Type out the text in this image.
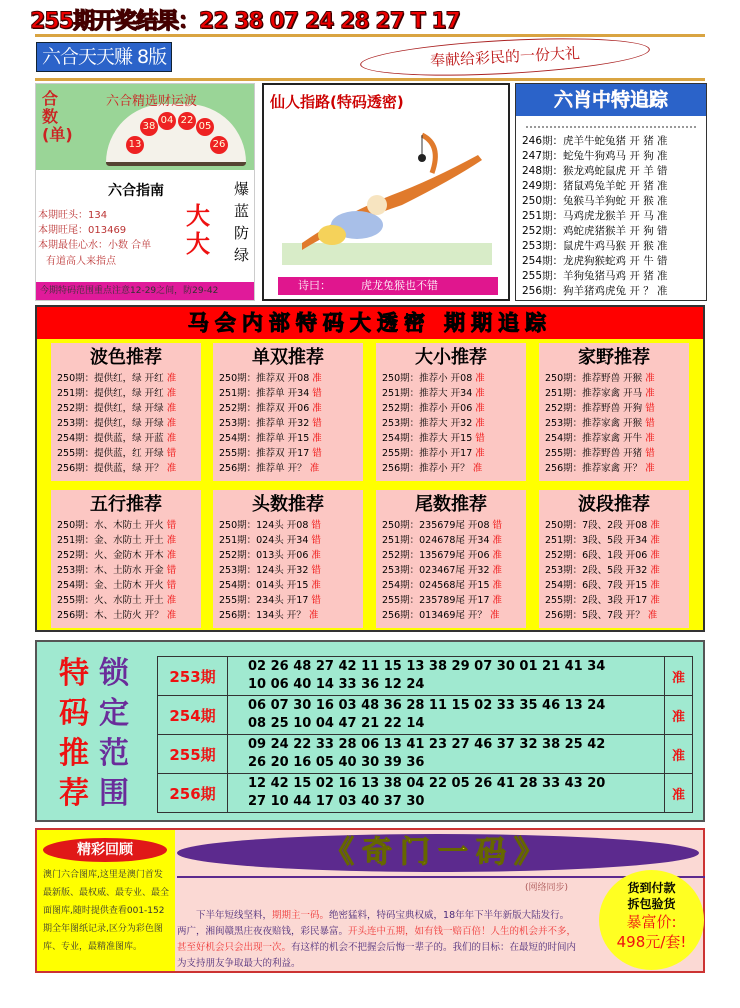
255期开奖结果：22 38 07 24 28 27 T 17
六合天天赚 8版	奉献给彩民的一份大礼
合数(单)
六合精选财运波
13
38
04 22
05
26
六合指南
本期旺头：134
本期旺尾：013469
本期最佳心水：小数 合单
有道高人来指点
大大
爆蓝防绿
今期特码范围重点注意12-29之间，防29-42
仙人指路(特码透密)
诗曰：	虎龙兔猴也不错
六肖中特追踪
246期：虎羊牛蛇兔猪 开 猪 准
247期：蛇兔牛狗鸡马 开 狗 准
248期：猴龙鸡蛇鼠虎 开 羊 错
249期：猪鼠鸡兔羊蛇 开 猪 准
250期：兔猴马羊狗蛇 开 猴 准
251期：马鸡虎龙猴羊 开 马 准
252期：鸡蛇虎猪猴羊 开 狗 错
253期：鼠虎牛鸡马猴 开 猴 准
254期：龙虎狗猴蛇鸡 开 牛 错
255期：羊狗兔猪马鸡 开 猪 准
256期：狗羊猪鸡虎兔 开 ？ 准
马会内部特码大透密 期期追踪
波色推荐
250期：提供红，绿 开红 准
251期：提供红，绿 开红 准
252期：提供红，绿 开绿 准
253期：提供红，绿 开绿 准
254期：提供蓝，绿 开蓝 准
255期：提供蓝，红 开绿 错
256期：提供蓝，绿 开？ 准
单双推荐
250期：推荐双 开08 准
251期：推荐单 开34 错
252期：推荐双 开06 准
253期：推荐单 开32 错
254期：推荐单 开15 准
255期：推荐双 开17 错
256期：推荐单 开？ 准
大小推荐
250期：推荐小 开08 准
251期：推荐大 开34 准
252期：推荐小 开06 准
253期：推荐大 开32 准
254期：推荐大 开15 错
255期：推荐小 开17 准
256期：推荐小 开？ 准
家野推荐
250期：推荐野兽 开猴 准
251期：推荐家禽 开马 准
252期：推荐野兽 开狗 错
253期：推荐家禽 开猴 错
254期：推荐家禽 开牛 准
255期：推荐野兽 开猪 错
256期：推荐家禽 开？ 准
五行推荐
250期：水、木防土 开火 错
251期：金、水防土 开土 准
252期：火、金防木 开木 准
253期：木、土防水 开金 错
254期：金、土防木 开火 错
255期：火、水防土 开土 准
256期：木、土防火 开？ 准
头数推荐
250期：124头 开08 错
251期：024头 开34 错
252期：013头 开06 准
253期：124头 开32 错
254期：014头 开15 准
255期：234头 开17 错
256期：134头 开？ 准
尾数推荐
250期：235679尾 开08 错
251期：024678尾 开34 准
252期：135679尾 开06 准
253期：023467尾 开32 准
254期：024568尾 开15 准
255期：235789尾 开17 准
256期：013469尾 开？ 准
波段推荐
250期：7段、2段 开08 准
251期：3段、5段 开34 准
252期：6段、1段 开06 准
253期：2段、5段 开32 准
254期：6段、7段 开15 准
255期：2段、3段 开17 准
256期：5段、7段 开？ 准
特码推荐
锁定范围
253期	02 26 48 27 42 11 15 13 38 29 07 30 01 21 41 34
10 06 40 14 33 36 12 24	准
254期	06 07 30 16 03 48 36 28 11 15 02 33 35 46 13 24
08 25 10 04 47 21 22 14	准
255期	09 24 22 33 28 06 13 41 23 27 46 37 32 38 25 42
26 20 16 05 40 30 39 36	准
256期	12 42 15 02 16 13 38 04 22 05 26 41 28 33 43 20
27 10 44 17 03 40 37 30	准
精彩回顾
澳门六合图库,这里是澳门首发最新版、最权威、最专业、最全面图库,随时提供查看001-152期全年图纸记录,区分为彩色图库、专业，最精准图库。
《奇门一码》
(网络同步)
下半年短线坚料，期期主一码。绝密猛料，特码宝典权威，18年年下半年新版大陆发行。两广，湘闽赣黑庄夜夜赔钱，彩民暴富。开头连中五期，如有钱一赔百倍！人生的机会并不多，甚至好机会只会出现一次。有这样的机会不把握会后悔一辈子的。我们的目标：在最短的时间内为支持朋友争取最大的利益。
货到付款
拆包验货
暴富价:
498元/套!
